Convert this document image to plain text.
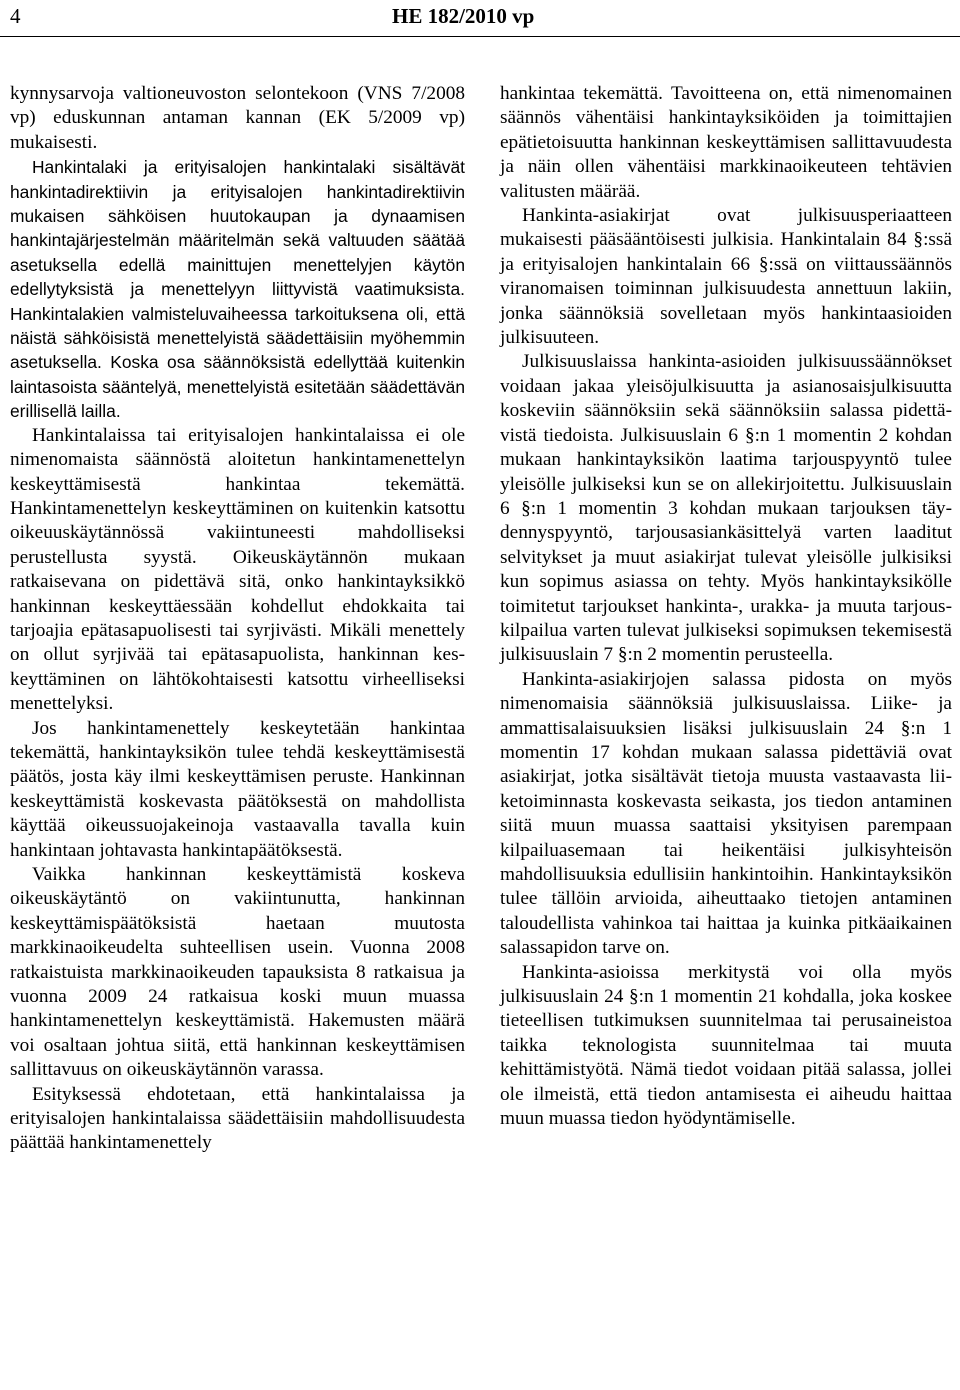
4	HE 182/2010 vp

kynnysarvoja valtioneuvoston selontekoon (VNS 7/2008 vp) eduskunnan antaman kannan (EK 5/2009 vp) mukaisesti.

Hankintalaki ja erityisalojen hankintalaki sisältävät hankintadirektiivin ja erityisalojen hankintadirektiivin mukaisen sähköisen huutokaupan ja dynaamisen hankintajärjestelmän määritelmän sekä valtuuden säätää asetuksella edellä mainittujen menettelyjen käytön edellytyksistä ja menettelyyn liittyvistä vaatimuksista. Hankintalakien valmisteluvaiheessa tarkoituksena oli, että näistä sähköisistä menettelyistä säädettäisiin myöhemmin asetuksella. Koska osa säännöksistä edellyttää kuitenkin laintasoista sääntelyä, menettelyistä esitetään säädettävän erillisellä lailla.

Hankintalaissa tai erityisalojen hankintalaissa ei ole nimenomaista säännöstä aloitetun hankintamenettelyn keskeyttämisestä hankintaa tekemättä. Hankintamenettelyn keskeyttäminen on kuitenkin katsottu oikeuuskäytännössä vakiintuneesti mahdolliseksi perustellusta syystä. Oikeuskäytännön mukaan ratkaisevana on pidettävä sitä, onko hankintayksikkö hankinnan keskeyttäessään kohdellut ehdokkaita tai tarjoajia epätasapuolisesti tai syrjivästi. Mikäli menettely on ollut syrjivää tai epätasapuolista, hankinnan keskeyttäminen on lähtökohtaisesti katsottu virheelliseksi menettelyksi.

Jos hankintamenettely keskeytetään hankintaa tekemättä, hankintayksikön tulee tehdä keskeyttämisestä päätös, josta käy ilmi keskeyttämisen peruste. Hankinnan keskeyttämistä koskevasta päätöksestä on mahdollista käyttää oikeussuojakeinoja vastaavalla tavalla kuin hankintaan johtavasta hankintapäätöksestä.

Vaikka hankinnan keskeyttämistä koskeva oikeuskäytäntö on vakiintunutta, hankinnan keskeyttämispäätöksistä haetaan muutosta markkinaoikeudelta suhteellisen usein. Vuonna 2008 ratkaistuista markkinaoikeuden tapauksista 8 ratkaisua ja vuonna 2009 24 ratkaisua koski muun muassa hankintamenettelyn keskeyttämistä. Hakemusten määrä voi osaltaan johtua siitä, että hankinnan keskeyttämisen sallittavuus on oikeuskäytännön varassa.

Esityksessä ehdotetaan, että hankintalaissa ja erityisalojen hankintalaissa säädettäisiin mahdollisuudesta päättää hankintamenettely

hankintaa tekemättä. Tavoitteena on, että nimenomainen säännös vähentäisi hankintayksiköiden ja toimittajien epätietoisuutta hankinnan keskeyttämisen sallittavuudesta ja näin ollen vähentäisi markkinaoikeuteen tehtävien valitusten määrää.

Hankinta-asiakirjat ovat julkisuusperiaatteen mukaisesti pääsääntöisesti julkisia. Hankintalain 84 §:ssä ja erityisalojen hankintalain 66 §:ssä on viittaussäännös viranomaisen toiminnan julkisuudesta annettuun lakiin, jonka säännöksiä sovelletaan myös hankintaasioiden julkisuuteen.

Julkisuuslaissa hankinta-asioiden julkisuussäännökset voidaan jakaa yleisöjulkisuutta ja asianosaisjulkisuutta koskeviin säännöksiin sekä säännöksiin salassa pidettävistä tiedoista. Julkisuuslain 6 §:n 1 momentin 2 kohdan mukaan hankintayksikön laatima tarjouspyyntö tulee yleisölle julkiseksi kun se on allekirjoitettu. Julkisuuslain 6 §:n 1 momentin 3 kohdan mukaan tarjouksen täydennyspyyntö, tarjousasiankäsittelyä varten laaditut selvitykset ja muut asiakirjat tulevat yleisölle julkisiksi kun sopimus asiassa on tehty. Myös hankintayksikölle toimitetut tarjoukset hankinta-, urakka- ja muuta tarjouskilpailua varten tulevat julkiseksi sopimuksen tekemisestä julkisuuslain 7 §:n 2 momentin perusteella.

Hankinta-asiakirjojen salassa pidosta on myös nimenomaisia säännöksiä julkisuuslaissa. Liike- ja ammattisalaisuuksien lisäksi julkisuuslain 24 §:n 1 momentin 17 kohdan mukaan salassa pidettäviä ovat asiakirjat, jotka sisältävät tietoja muusta vastaavasta liiketoiminnasta koskevasta seikasta, jos tiedon antaminen siitä muun muassa saattaisi yksityisen parempaan kilpailuasemaan tai heikentäisi julkisyhteisön mahdollisuuksia edullisiin hankintoihin. Hankintayksikön tulee tällöin arvioida, aiheuttaako tietojen antaminen taloudellista vahinkoa tai haittaa ja kuinka pitkäaikainen salassapidon tarve on.

Hankinta-asioissa merkitystä voi olla myös julkisuuslain 24 §:n 1 momentin 21 kohdalla, joka koskee tieteellisen tutkimuksen suunnitelmaa tai perusaineistoa taikka teknologista suunnitelmaa tai muuta kehittämistyötä. Nämä tiedot voidaan pitää salassa, jollei ole ilmeistä, että tiedon antamisesta ei aiheudu haittaa muun muassa tiedon hyödyntämiselle.
